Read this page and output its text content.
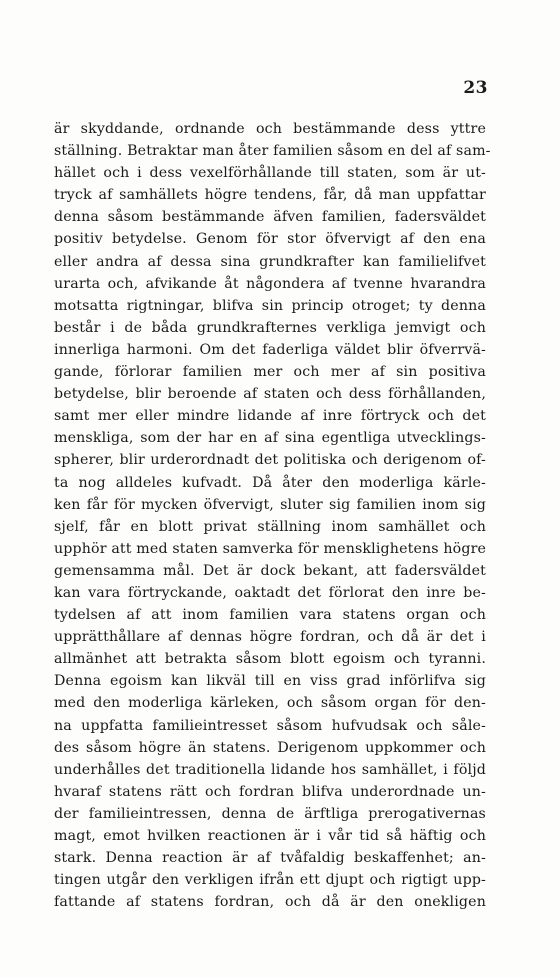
23
är skyddande, ordnande och bestämmande dess yttre
ställning. Betraktar man åter familien såsom en del af sam-
hället och i dess vexelförhållande till staten, som är ut-
tryck af samhällets högre tendens, får, då man uppfattar
denna såsom bestämmande äfven familien, fadersväldet
positiv betydelse. Genom för stor öfvervigt af den ena
eller andra af dessa sina grundkrafter kan familielifvet
urarta och, afvikande åt någondera af tvenne hvarandra
motsatta rigtningar, blifva sin princip otroget; ty denna
består i de båda grundkrafternes verkliga jemvigt och
innerliga harmoni. Om det faderliga väldet blir öfverrvä-
gande, förlorar familien mer och mer af sin positiva
betydelse, blir beroende af staten och dess förhållanden,
samt mer eller mindre lidande af inre förtryck och det
menskliga, som der har en af sina egentliga utvecklings-
spherer, blir urderordnadt det politiska och derigenom of-
ta nog alldeles kufvadt. Då åter den moderliga kärle-
ken får för mycken öfvervigt, sluter sig familien inom sig
sjelf, får en blott privat ställning inom samhället och
upphör att med staten samverka för mensklighetens högre
gemensamma mål. Det är dock bekant, att fadersväldet
kan vara förtryckande, oaktadt det förlorat den inre be-
tydelsen af att inom familien vara statens organ och
upprätthållare af dennas högre fordran, och då är det i
allmänhet att betrakta såsom blott egoism och tyranni.
Denna egoism kan likväl till en viss grad införlifva sig
med den moderliga kärleken, och såsom organ för den-
na uppfatta familieintresset såsom hufvudsak och såle-
des såsom högre än statens. Derigenom uppkommer och
underhålles det traditionella lidande hos samhället, i följd
hvaraf statens rätt och fordran blifva underordnade un-
der familieintressen, denna de ärftliga prerogativernas
magt, emot hvilken reactionen är i vår tid så häftig och
stark. Denna reaction är af tvåfaldig beskaffenhet; an-
tingen utgår den verkligen ifrån ett djupt och rigtigt upp-
fattande af statens fordran, och då är den onekligen
